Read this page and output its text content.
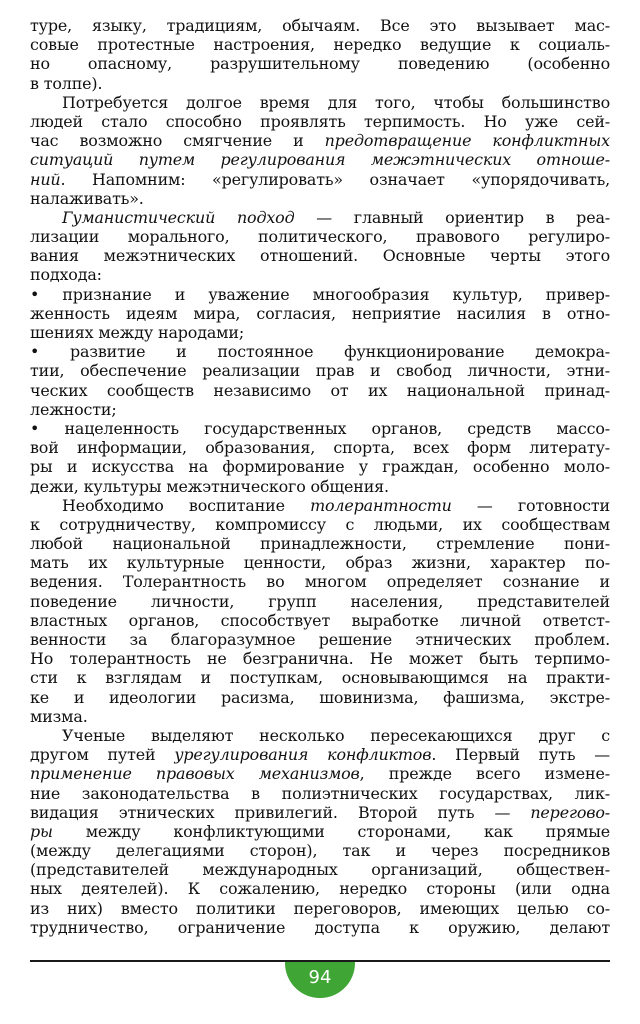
туре, языку, традициям, обычаям. Все это вызывает мас-
совые протестные настроения, нередко ведущие к социаль-
но опасному, разрушительному поведению (особенно
в толпе).
Потребуется долгое время для того, чтобы большинство
людей стало способно проявлять терпимость. Но уже сей-
час возможно смягчение и предотвращение конфликтных
ситуаций путем регулирования межэтнических отноше-
ний. Напомним: «регулировать» означает «упорядочивать,
налаживать».
Гуманистический подход — главный ориентир в реа-
лизации морального, политического, правового регулиро-
вания межэтнических отношений. Основные черты этого
подхода:
• признание и уважение многообразия культур, привер-
женность идеям мира, согласия, неприятие насилия в отно-
шениях между народами;
• развитие и постоянное функционирование демокра-
тии, обеспечение реализации прав и свобод личности, этни-
ческих сообществ независимо от их национальной принад-
лежности;
• нацеленность государственных органов, средств массо-
вой информации, образования, спорта, всех форм литерату-
ры и искусства на формирование у граждан, особенно моло-
дежи, культуры межэтнического общения.
Необходимо воспитание толерантности — готовности
к сотрудничеству, компромиссу с людьми, их сообществам
любой национальной принадлежности, стремление пони-
мать их культурные ценности, образ жизни, характер по-
ведения. Толерантность во многом определяет сознание и
поведение личности, групп населения, представителей
властных органов, способствует выработке личной ответст-
венности за благоразумное решение этнических проблем.
Но толерантность не безгранична. Не может быть терпимо-
сти к взглядам и поступкам, основывающимся на практи-
ке и идеологии расизма, шовинизма, фашизма, экстре-
мизма.
Ученые выделяют несколько пересекающихся друг с
другом путей урегулирования конфликтов. Первый путь —
применение правовых механизмов, прежде всего измене-
ние законодательства в полиэтнических государствах, лик-
видация этнических привилегий. Второй путь — перегово-
ры между конфликтующими сторонами, как прямые
(между делегациями сторон), так и через посредников
(представителей международных организаций, обществен-
ных деятелей). К сожалению, нередко стороны (или одна
из них) вместо политики переговоров, имеющих целью со-
трудничество, ограничение доступа к оружию, делают
94
